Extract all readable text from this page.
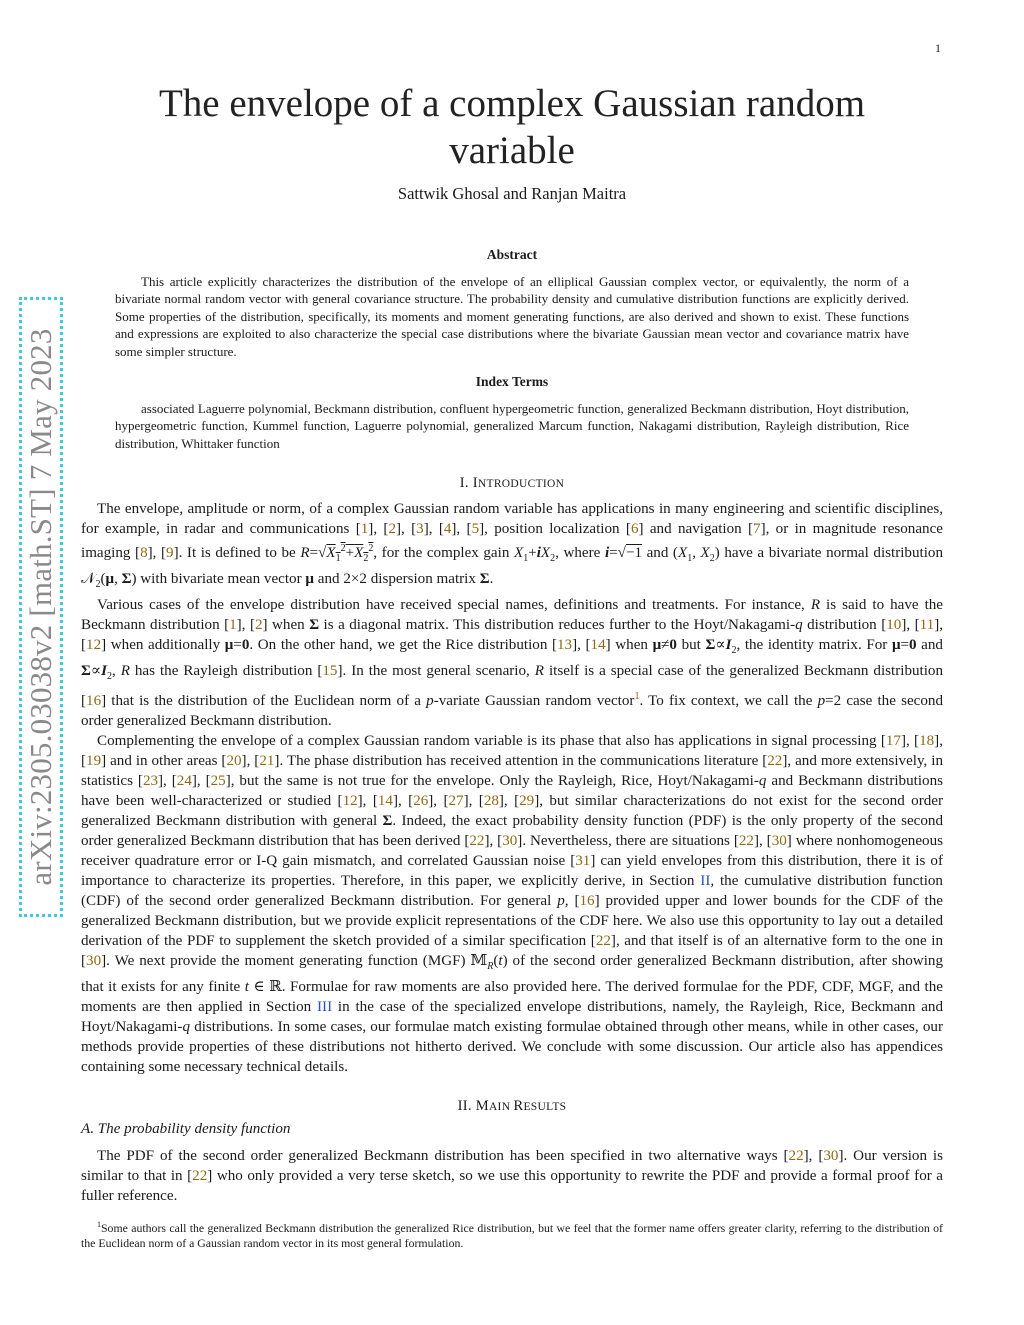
1
arXiv:2305.03038v2 [math.ST] 7 May 2023
The envelope of a complex Gaussian random variable
Sattwik Ghosal and Ranjan Maitra
Abstract
This article explicitly characterizes the distribution of the envelope of an elliplical Gaussian complex vector, or equivalently, the norm of a bivariate normal random vector with general covariance structure. The probability density and cumulative distribution functions are explicitly derived. Some properties of the distribution, specifically, its moments and moment generating functions, are also derived and shown to exist. These functions and expressions are exploited to also characterize the special case distributions where the bivariate Gaussian mean vector and covariance matrix have some simpler structure.
Index Terms
associated Laguerre polynomial, Beckmann distribution, confluent hypergeometric function, generalized Beckmann distribution, Hoyt distribution, hypergeometric function, Kummel function, Laguerre polynomial, generalized Marcum function, Nakagami distribution, Rayleigh distribution, Rice distribution, Whittaker function
I. INTRODUCTION

The envelope, amplitude or norm, of a complex Gaussian random variable has applications in many engineering and scientific disciplines, for example, in radar and communications [1], [2], [3], [4], [5], position localization [6] and navigation [7], or in magnitude resonance imaging [8], [9]. It is defined to be $R=√X_1^2+X_2^2$, for the complex gain $X_1+iX_2$, where i=√−1 and ($X_1$, $X_2$) have a bivariate normal distribution 𝒩$_2$(μ, Σ) with bivariate mean vector μ and 2×2 dispersion matrix Σ.

Various cases of the envelope distribution have received special names, definitions and treatments. For instance, R is said to have the Beckmann distribution [1], [2] when Σ is a diagonal matrix. This distribution reduces further to the Hoyt/Nakagami-q distribution [10], [11], [12] when additionally μ=0. On the other hand, we get the Rice distribution [13], [14] when μ≠0 but $\Sigma\propto I_2$, the identity matrix. For μ=0 and $\Sigma\propto I_2$, R has the Rayleigh distribution [15]. In the most general scenario, R itself is a special case of the generalized Beckmann distribution [16] that is the distribution of the Euclidean norm of a p-variate Gaussian random vector$^1$. To fix context, we call the p=2 case the second order generalized Beckmann distribution.

Complementing the envelope of a complex Gaussian random variable is its phase that also has applications in signal processing [17], [18], [19] and in other areas [20], [21]. The phase distribution has received attention in the communications literature [22], and more extensively, in statistics [23], [24], [25], but the same is not true for the envelope. Only the Rayleigh, Rice, Hoyt/Nakagami-q and Beckmann distributions have been well-characterized or studied [12], [14], [26], [27], [28], [29], but similar characterizations do not exist for the second order generalized Beckmann distribution with general Σ. Indeed, the exact probability density function (PDF) is the only property of the second order generalized Beckmann distribution that has been derived [22], [30]. Nevertheless, there are situations [22], [30] where nonhomogeneous receiver quadrature error or I-Q gain mismatch, and correlated Gaussian noise [31] can yield envelopes from this distribution, there it is of importance to characterize its properties. Therefore, in this paper, we explicitly derive, in Section II, the cumulative distribution function (CDF) of the second order generalized Beckmann distribution. For general p, [16] provided upper and lower bounds for the CDF of the generalized Beckmann distribution, but we provide explicit representations of the CDF here. We also use this opportunity to lay out a detailed derivation of the PDF to supplement the sketch provided of a similar specification [22], and that itself is of an alternative form to the one in [30]. We next provide the moment generating function (MGF) 𝕄$_R$(t) of the second order generalized Beckmann distribution, after showing that it exists for any finite t ∈ ℝ. Formulae for raw moments are also provided here. The derived formulae for the PDF, CDF, MGF, and the moments are then applied in Section III in the case of the specialized envelope distributions, namely, the Rayleigh, Rice, Beckmann and Hoyt/Nakagami-q distributions. In some cases, our formulae match existing formulae obtained through other means, while in other cases, our methods provide properties of these distributions not hitherto derived. We conclude with some discussion. Our article also has appendices containing some necessary technical details.

II. MAIN RESULTS
A. The probability density function

The PDF of the second order generalized Beckmann distribution has been specified in two alternative ways [22], [30]. Our version is similar to that in [22] who only provided a very terse sketch, so we use this opportunity to rewrite the PDF and provide a formal proof for a fuller reference.

$^1$Some authors call the generalized Beckmann distribution the generalized Rice distribution, but we feel that the former name offers greater clarity, referring to the distribution of the Euclidean norm of a Gaussian random vector in its most general formulation.
